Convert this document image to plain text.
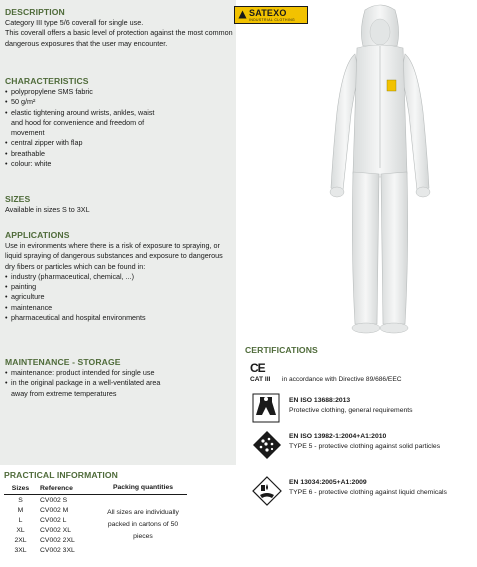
DESCRIPTION

Category III type 5/6 coverall for single use.

This coverall offers a basic level of protection against the most common dangerous exposures that the user may encounter.

CHARACTERISTICS
• polypropylene SMS fabric
• 50 g/m²
• elastic tightening around wrists, ankles, waist
and hood for convenience and freedom of
movement
• central zipper with flap
• breathable
• colour: white
SIZES

Available in sizes S to 3XL

APPLICATIONS

Use in evironments where there is a risk of exposure to spraying, or liquid spraying of dangerous substances and exposure to dangerous dry fibers or particles which can be found in:

• industry (pharmaceutical, chemical, ...)
• painting
• agriculture
• maintenance
• pharmaceutical and hospital environments
MAINTENANCE - STORAGE
• maintenance: product intended for single use
• in the original package in a well-ventilated area
away from extreme temperatures
SATEXO
INDUSTRIAL CLOTHING
CERTIFICATIONS
CE
CAT III in accordance with Directive 89/686/EEC
EN ISO 13688:2013
Protective clothing, general requirements
EN ISO 13982-1:2004+A1:2010
TYPE 5 - protective clothing against solid particles
EN 13034:2005+A1:2009
TYPE 6 - protective clothing against liquid chemicals
PRACTICAL INFORMATION
Sizes	Reference	Packing quantities
S	CV002 S	All sizes are individually packed in cartons of 50 pieces
M	CV002 M	
L	CV002 L	
XL	CV002 XL	
2XL	CV002 2XL	
3XL	CV002 3XL	
